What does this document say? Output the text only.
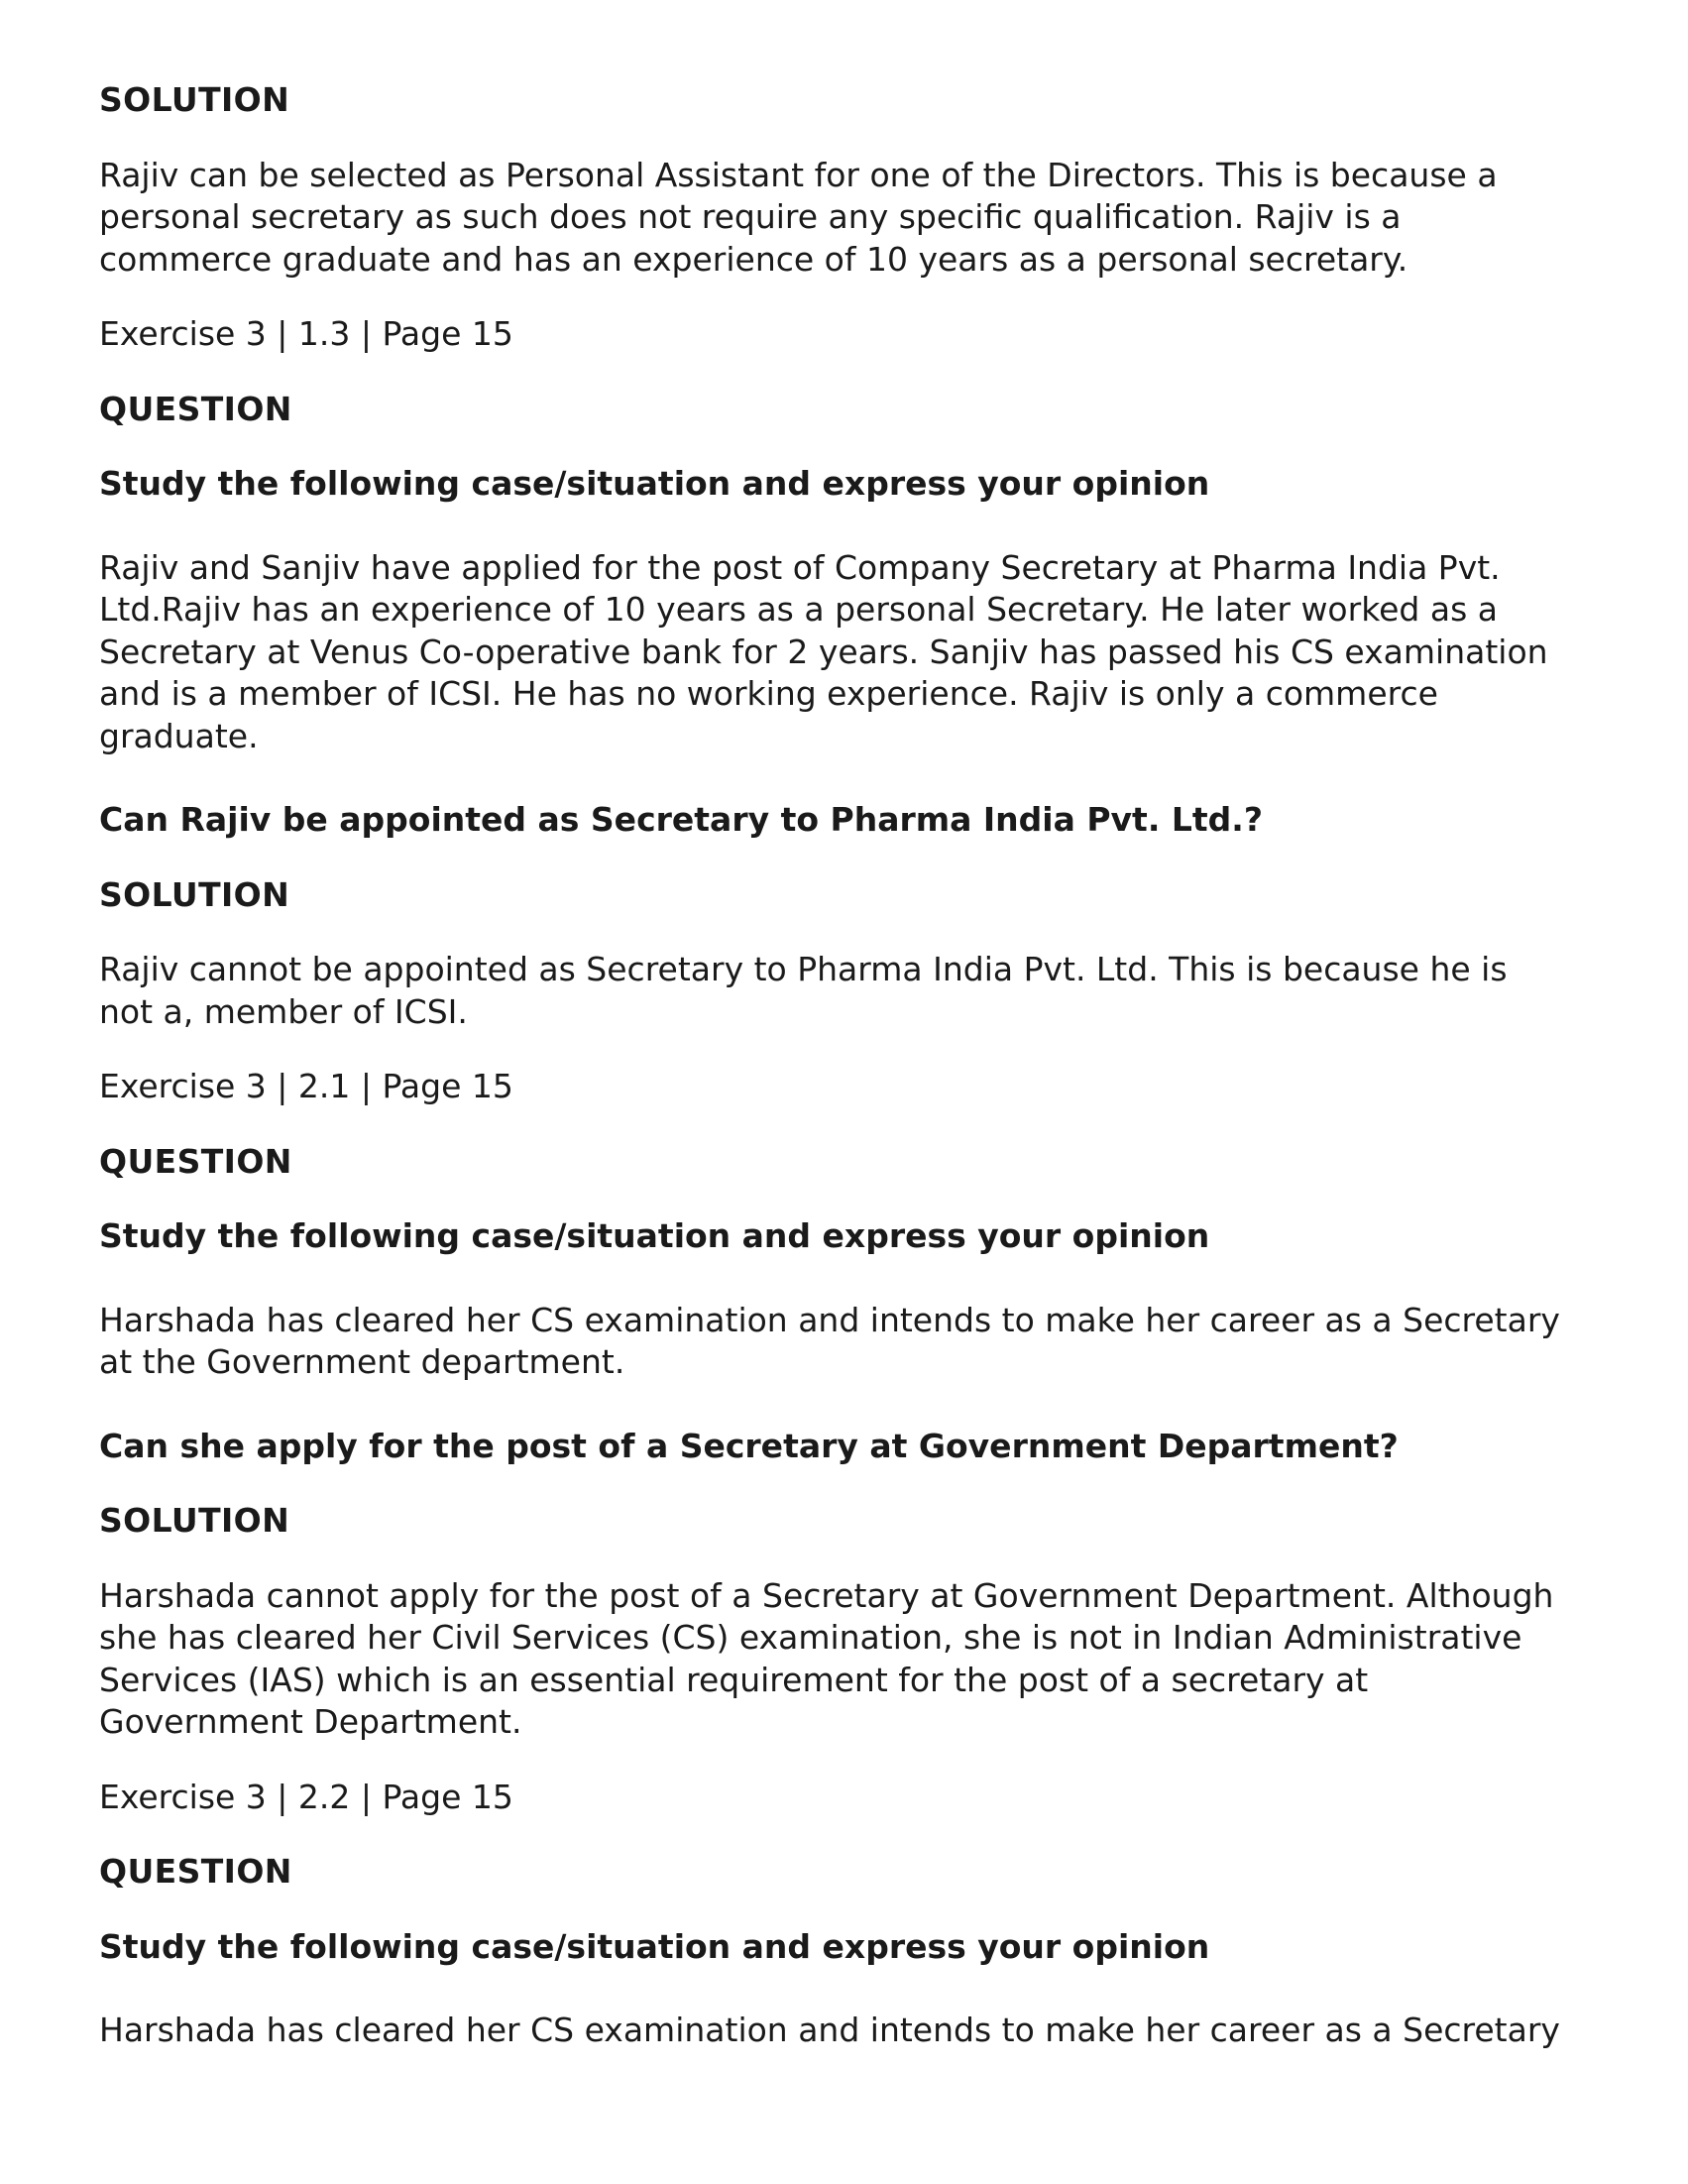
SOLUTION

Rajiv can be selected as Personal Assistant for one of the Directors. This is because a
personal secretary as such does not require any specific qualification. Rajiv is a
commerce graduate and has an experience of 10 years as a personal secretary.

Exercise 3 | 1.3 | Page 15

QUESTION

Study the following case/situation and express your opinion

Rajiv and Sanjiv have applied for the post of Company Secretary at Pharma India Pvt.
Ltd.Rajiv has an experience of 10 years as a personal Secretary. He later worked as a
Secretary at Venus Co-operative bank for 2 years. Sanjiv has passed his CS examination
and is a member of ICSI. He has no working experience. Rajiv is only a commerce
graduate.

Can Rajiv be appointed as Secretary to Pharma India Pvt. Ltd.?

SOLUTION

Rajiv cannot be appointed as Secretary to Pharma India Pvt. Ltd. This is because he is
not a, member of ICSI.

Exercise 3 | 2.1 | Page 15

QUESTION

Study the following case/situation and express your opinion

Harshada has cleared her CS examination and intends to make her career as a Secretary
at the Government department.

Can she apply for the post of a Secretary at Government Department?

SOLUTION

Harshada cannot apply for the post of a Secretary at Government Department. Although
she has cleared her Civil Services (CS) examination, she is not in Indian Administrative
Services (IAS) which is an essential requirement for the post of a secretary at
Government Department.

Exercise 3 | 2.2 | Page 15

QUESTION

Study the following case/situation and express your opinion

Harshada has cleared her CS examination and intends to make her career as a Secretary
